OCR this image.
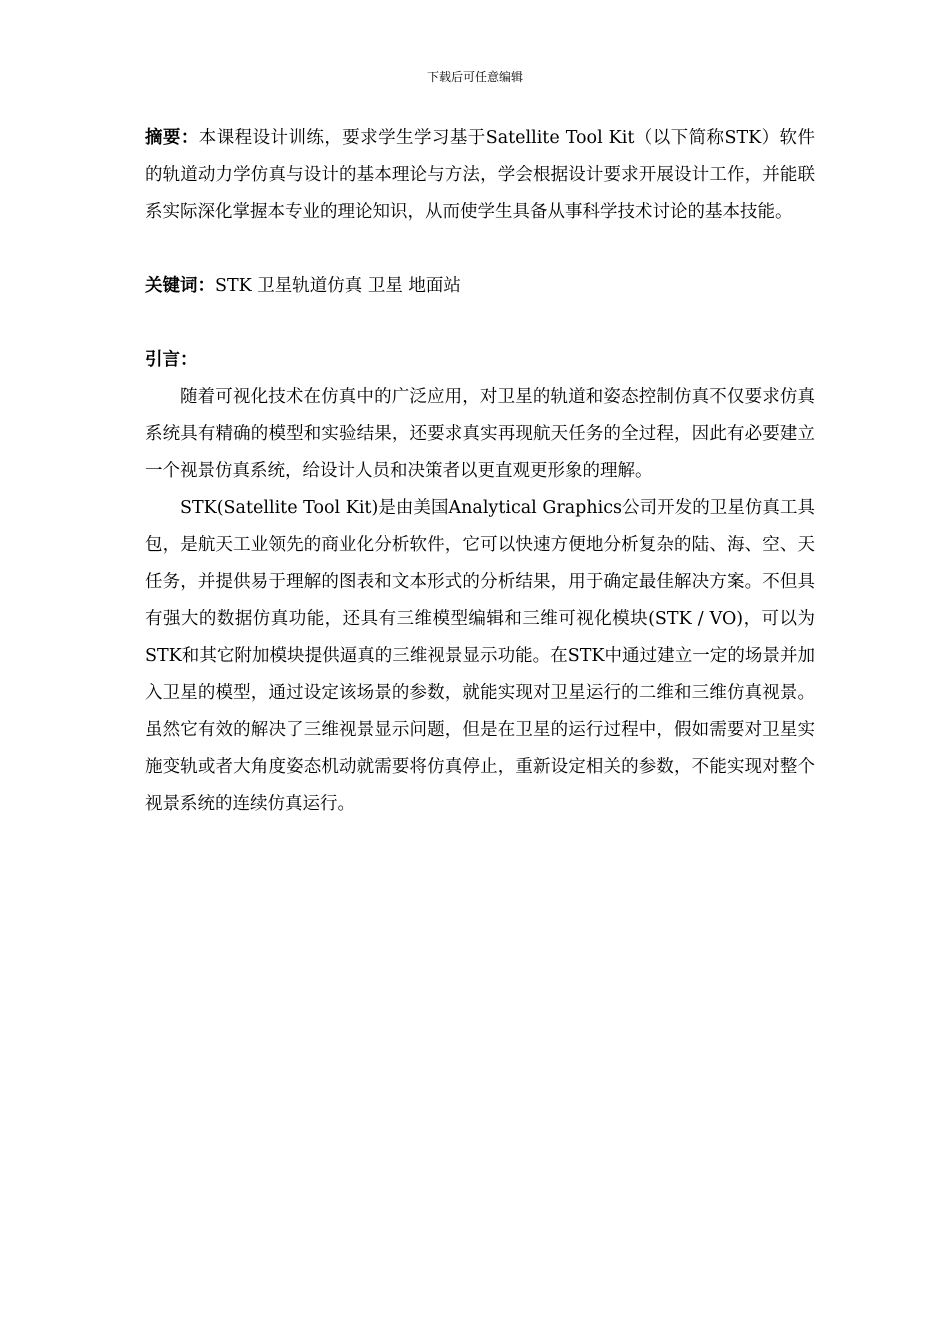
下载后可任意编辑

摘要：本课程设计训练，要求学生学习基于Satellite Tool Kit（以下简称STK）软件的轨道动力学仿真与设计的基本理论与方法，学会根据设计要求开展设计工作，并能联系实际深化掌握本专业的理论知识，从而使学生具备从事科学技术讨论的基本技能。

关键词：STK 卫星轨道仿真 卫星 地面站

引言：

随着可视化技术在仿真中的广泛应用，对卫星的轨道和姿态控制仿真不仅要求仿真系统具有精确的模型和实验结果，还要求真实再现航天任务的全过程，因此有必要建立一个视景仿真系统，给设计人员和决策者以更直观更形象的理解。

STK(Satellite Tool Kit)是由美国Analytical Graphics公司开发的卫星仿真工具包，是航天工业领先的商业化分析软件，它可以快速方便地分析复杂的陆、海、空、天任务，并提供易于理解的图表和文本形式的分析结果，用于确定最佳解决方案。不但具有强大的数据仿真功能，还具有三维模型编辑和三维可视化模块(STK / VO)，可以为STK和其它附加模块提供逼真的三维视景显示功能。在STK中通过建立一定的场景并加入卫星的模型，通过设定该场景的参数，就能实现对卫星运行的二维和三维仿真视景。虽然它有效的解决了三维视景显示问题，但是在卫星的运行过程中，假如需要对卫星实施变轨或者大角度姿态机动就需要将仿真停止，重新设定相关的参数，不能实现对整个视景系统的连续仿真运行。
